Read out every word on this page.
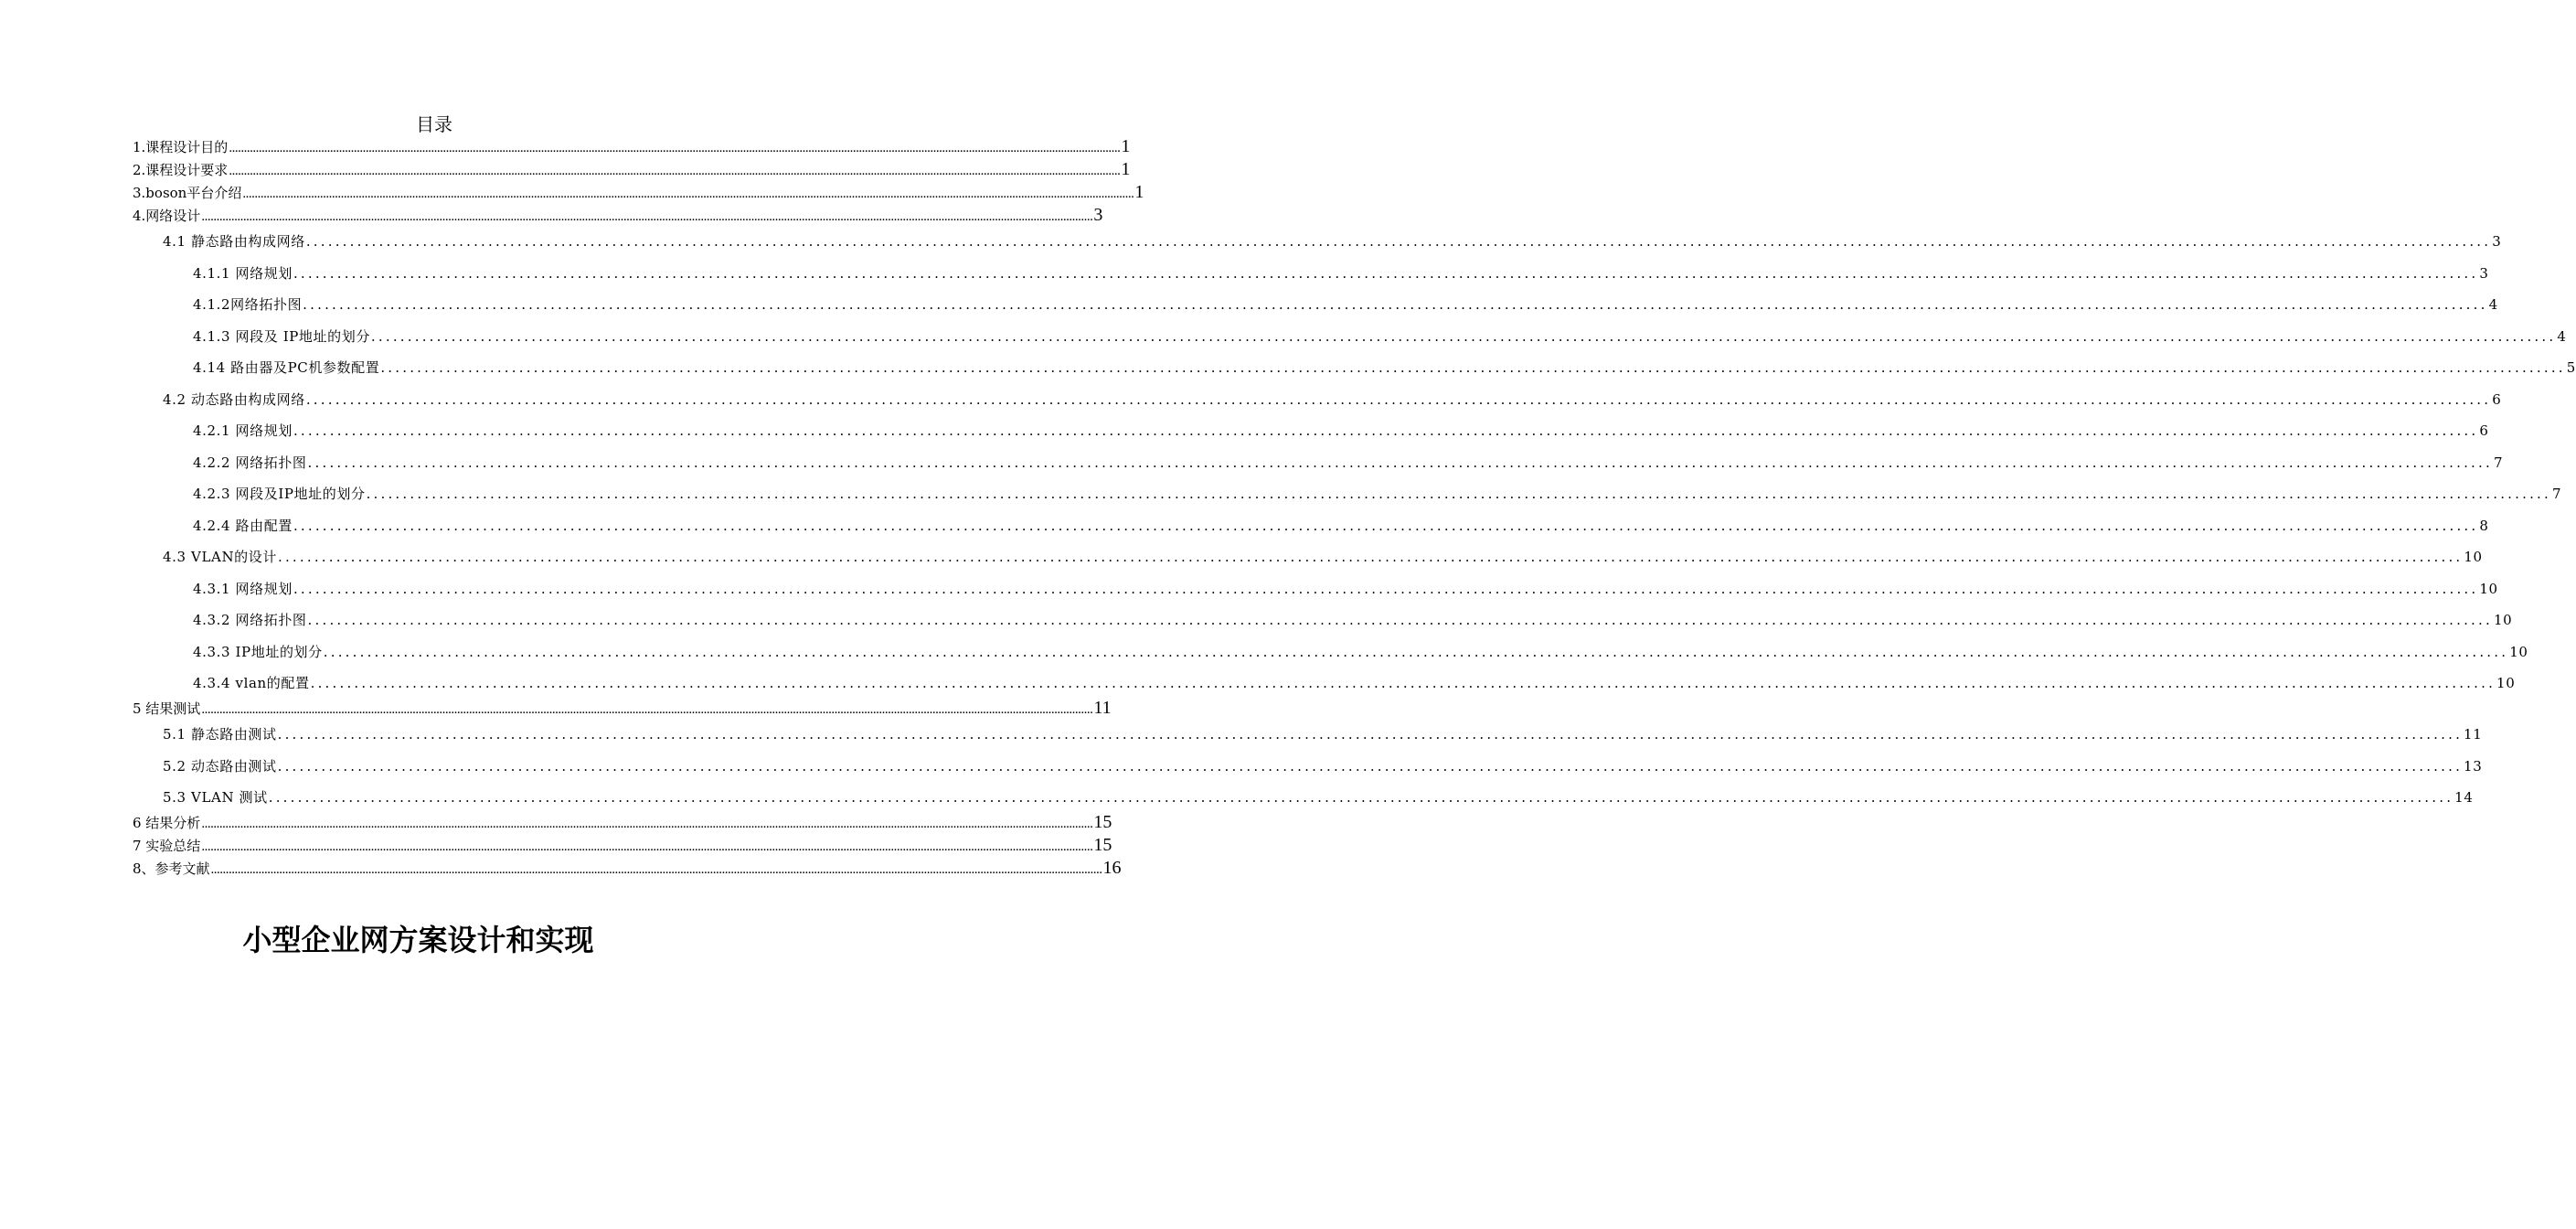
目录
1.课程设计目的 ............................................................................................................................................................................................................................................................................................................ 1
2.课程设计要求 ............................................................................................................................................................................................................................................................................................................ 1
3.boson平台介绍 ............................................................................................................................................................................................................................................................................................................ 1
4.网络设计 ............................................................................................................................................................................................................................................................................................................ 3
4.1 静态路由构成网络 ............................................................................................................................................................................................................................................................................................................ 3
4.1.1 网络规划 ............................................................................................................................................................................................................................................................................................................ 3
4.1.2网络拓扑图 ............................................................................................................................................................................................................................................................................................................ 4
4.1.3 网段及 IP地址的划分 ............................................................................................................................................................................................................................................................................................................ 4
4.14 路由器及PC机参数配置 ............................................................................................................................................................................................................................................................................................................ 5
4.2 动态路由构成网络 ............................................................................................................................................................................................................................................................................................................ 6
4.2.1 网络规划 ............................................................................................................................................................................................................................................................................................................ 6
4.2.2 网络拓扑图 ............................................................................................................................................................................................................................................................................................................ 7
4.2.3 网段及IP地址的划分 ............................................................................................................................................................................................................................................................................................................ 7
4.2.4 路由配置 ............................................................................................................................................................................................................................................................................................................ 8
4.3 VLAN的设计 ............................................................................................................................................................................................................................................................................................................ 10
4.3.1 网络规划 ............................................................................................................................................................................................................................................................................................................ 10
4.3.2 网络拓扑图 ............................................................................................................................................................................................................................................................................................................ 10
4.3.3 IP地址的划分 ............................................................................................................................................................................................................................................................................................................ 10
4.3.4 vlan的配置 ............................................................................................................................................................................................................................................................................................................ 10
5 结果测试 ............................................................................................................................................................................................................................................................................................................ 11
5.1 静态路由测试 ............................................................................................................................................................................................................................................................................................................ 11
5.2 动态路由测试 ............................................................................................................................................................................................................................................................................................................ 13
5.3 VLAN 测试 ............................................................................................................................................................................................................................................................................................................ 14
6 结果分析 ............................................................................................................................................................................................................................................................................................................ 15
7 实验总结 ............................................................................................................................................................................................................................................................................................................ 15
8、参考文献 ............................................................................................................................................................................................................................................................................................................ 16
小型企业网方案设计和实现
